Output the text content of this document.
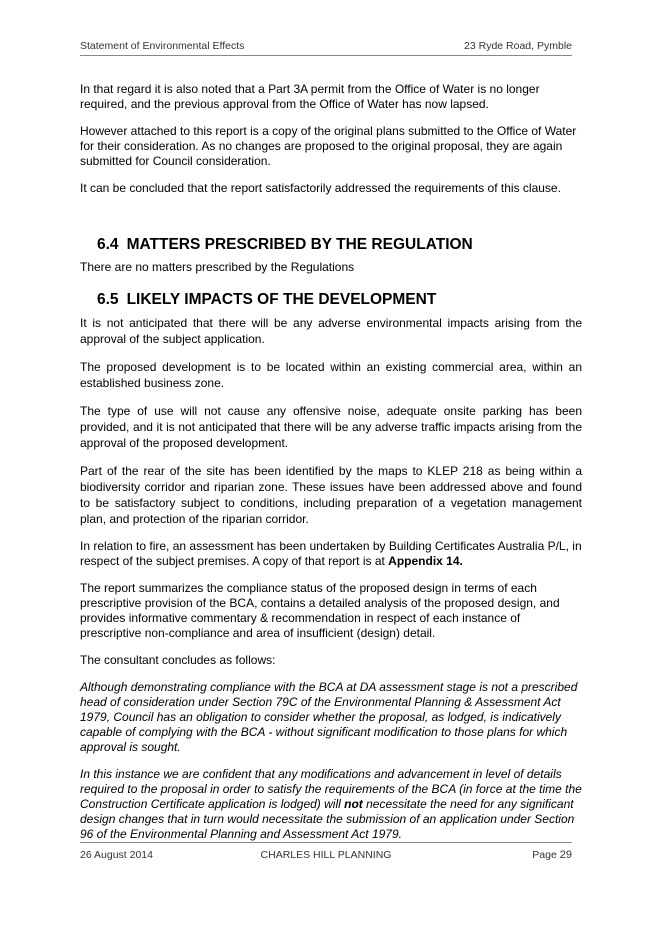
Statement of Environmental Effects	23 Ryde Road, Pymble

In that regard it is also noted that a Part 3A permit from the Office of Water is no longer required, and the previous approval from the Office of Water has now lapsed.

However attached to this report is a copy of the original plans submitted to the Office of Water for their consideration. As no changes are proposed to the original proposal, they are again submitted for Council consideration.

It can be concluded that the report satisfactorily addressed the requirements of this clause.

6.4 MATTERS PRESCRIBED BY THE REGULATION

There are no matters prescribed by the Regulations

6.5 LIKELY IMPACTS OF THE DEVELOPMENT

It is not anticipated that there will be any adverse environmental impacts arising from the approval of the subject application.

The proposed development is to be located within an existing commercial area, within an established business zone.

The type of use will not cause any offensive noise, adequate onsite parking has been provided, and it is not anticipated that there will be any adverse traffic impacts arising from the approval of the proposed development.

Part of the rear of the site has been identified by the maps to KLEP 218 as being within a biodiversity corridor and riparian zone. These issues have been addressed above and found to be satisfactory subject to conditions, including preparation of a vegetation management plan, and protection of the riparian corridor.

In relation to fire, an assessment has been undertaken by Building Certificates Australia P/L, in respect of the subject premises. A copy of that report is at Appendix 14.

The report summarizes the compliance status of the proposed design in terms of each prescriptive provision of the BCA, contains a detailed analysis of the proposed design, and provides informative commentary & recommendation in respect of each instance of prescriptive non-compliance and area of insufficient (design) detail.

The consultant concludes as follows:

Although demonstrating compliance with the BCA at DA assessment stage is not a prescribed head of consideration under Section 79C of the Environmental Planning & Assessment Act 1979, Council has an obligation to consider whether the proposal, as lodged, is indicatively capable of complying with the BCA - without significant modification to those plans for which approval is sought.

In this instance we are confident that any modifications and advancement in level of details required to the proposal in order to satisfy the requirements of the BCA (in force at the time the Construction Certificate application is lodged) will not necessitate the need for any significant design changes that in turn would necessitate the submission of an application under Section 96 of the Environmental Planning and Assessment Act 1979.

26 August 2014	CHARLES HILL PLANNING	Page 29
